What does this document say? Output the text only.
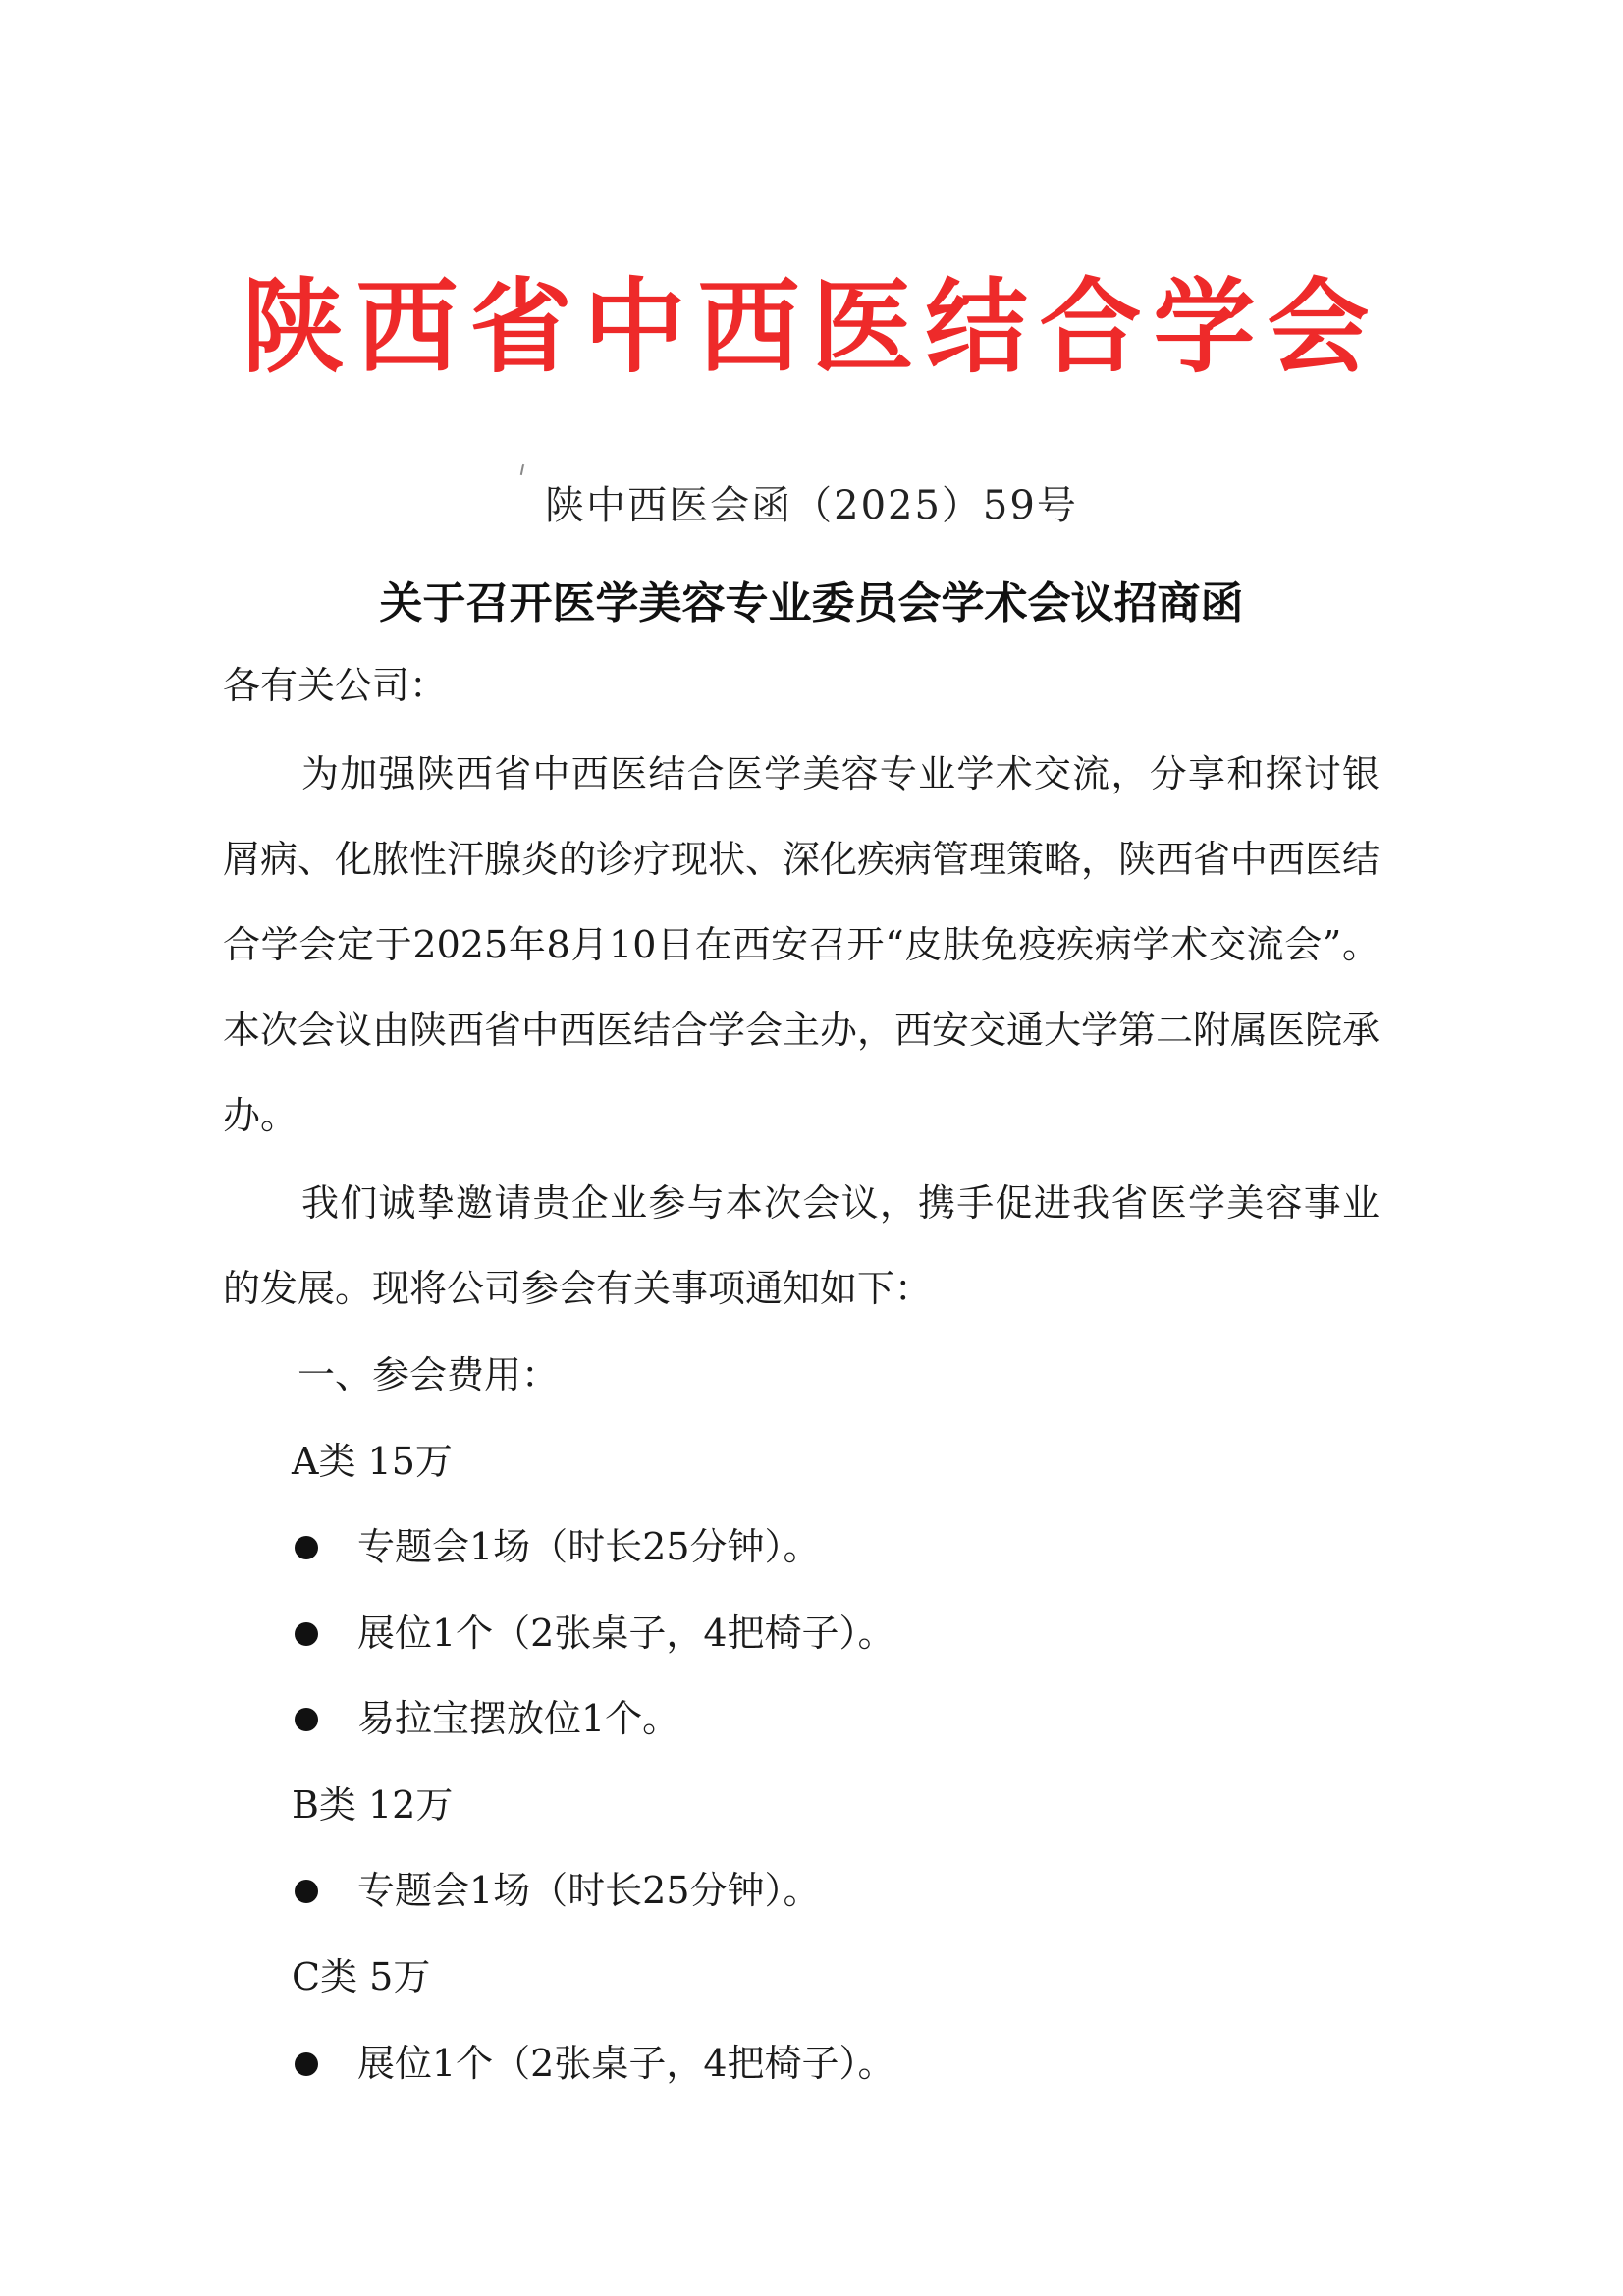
陕西省中西医结合学会
陕中西医会函（2025）59号
关于召开医学美容专业委员会学术会议招商函
各有关公司：

为加强陕西省中西医结合医学美容专业学术交流，分享和探讨银屑病、化脓性汗腺炎的诊疗现状、深化疾病管理策略，陕西省中西医结合学会定于2025年8月10日在西安召开“皮肤免疫疾病学术交流会”。本次会议由陕西省中西医结合学会主办，西安交通大学第二附属医院承办。

我们诚挚邀请贵企业参与本次会议，携手促进我省医学美容事业的发展。现将公司参会有关事项通知如下：

一、参会费用：
A类 15万
专题会1场（时长25分钟）。
展位1个（2张桌子，4把椅子）。
易拉宝摆放位1个。
B类 12万
专题会1场（时长25分钟）。
C类 5万
展位1个（2张桌子，4把椅子）。
